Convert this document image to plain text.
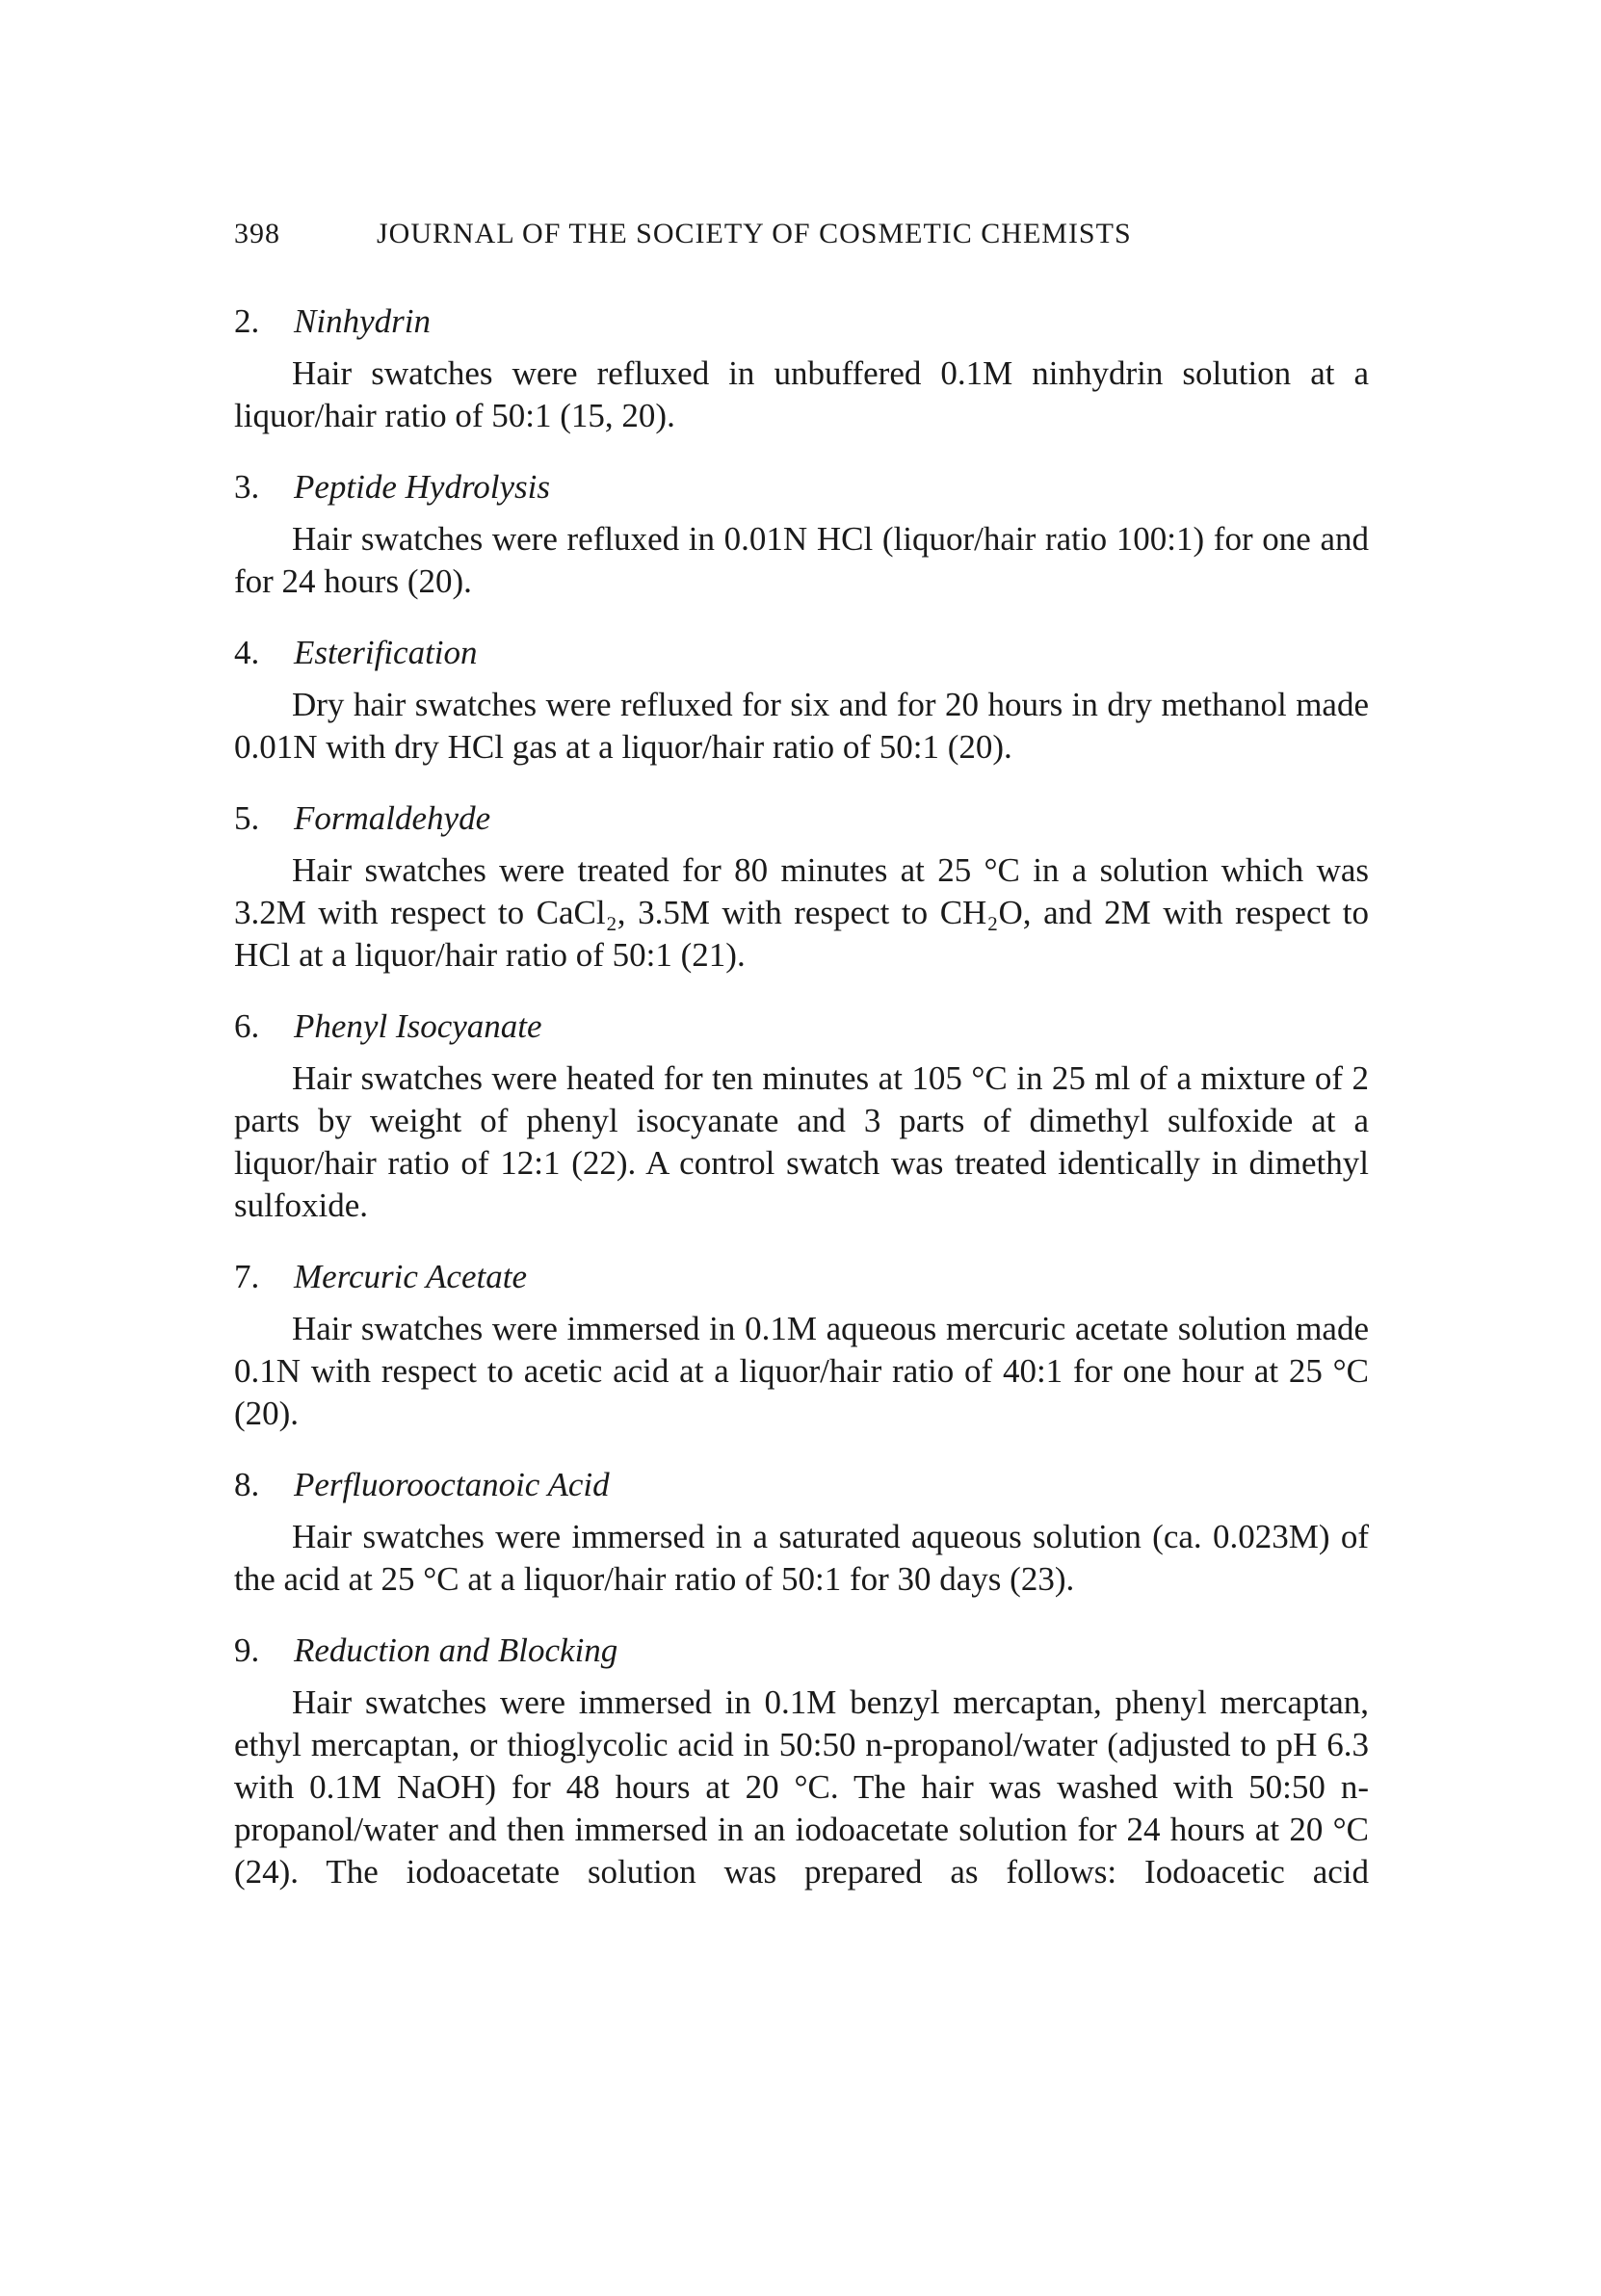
398	JOURNAL OF THE SOCIETY OF COSMETIC CHEMISTS
2. Ninhydrin

Hair swatches were refluxed in unbuffered 0.1M ninhydrin solution at a liquor/hair ratio of 50:1 (15, 20).

3. Peptide Hydrolysis

Hair swatches were refluxed in 0.01N HCl (liquor/hair ratio 100:1) for one and for 24 hours (20).

4. Esterification

Dry hair swatches were refluxed for six and for 20 hours in dry methanol made 0.01N with dry HCl gas at a liquor/hair ratio of 50:1 (20).

5. Formaldehyde

Hair swatches were treated for 80 minutes at 25 °C in a solution which was 3.2M with respect to CaCl₂, 3.5M with respect to CH₂O, and 2M with respect to HCl at a liquor/hair ratio of 50:1 (21).

6. Phenyl Isocyanate

Hair swatches were heated for ten minutes at 105 °C in 25 ml of a mixture of 2 parts by weight of phenyl isocyanate and 3 parts of dimethyl sulfoxide at a liquor/hair ratio of 12:1 (22). A control swatch was treated identically in dimethyl sulfoxide.

7. Mercuric Acetate

Hair swatches were immersed in 0.1M aqueous mercuric acetate solution made 0.1N with respect to acetic acid at a liquor/hair ratio of 40:1 for one hour at 25 °C (20).

8. Perfluorooctanoic Acid

Hair swatches were immersed in a saturated aqueous solution (ca. 0.023M) of the acid at 25 °C at a liquor/hair ratio of 50:1 for 30 days (23).

9. Reduction and Blocking

Hair swatches were immersed in 0.1M benzyl mercaptan, phenyl mercaptan, ethyl mercaptan, or thioglycolic acid in 50:50 n-propanol/water (adjusted to pH 6.3 with 0.1M NaOH) for 48 hours at 20 °C. The hair was washed with 50:50 n-propanol/water and then immersed in an iodoacetate solution for 24 hours at 20 °C (24). The iodoacetate solution was prepared as follows: Iodoacetic acid
